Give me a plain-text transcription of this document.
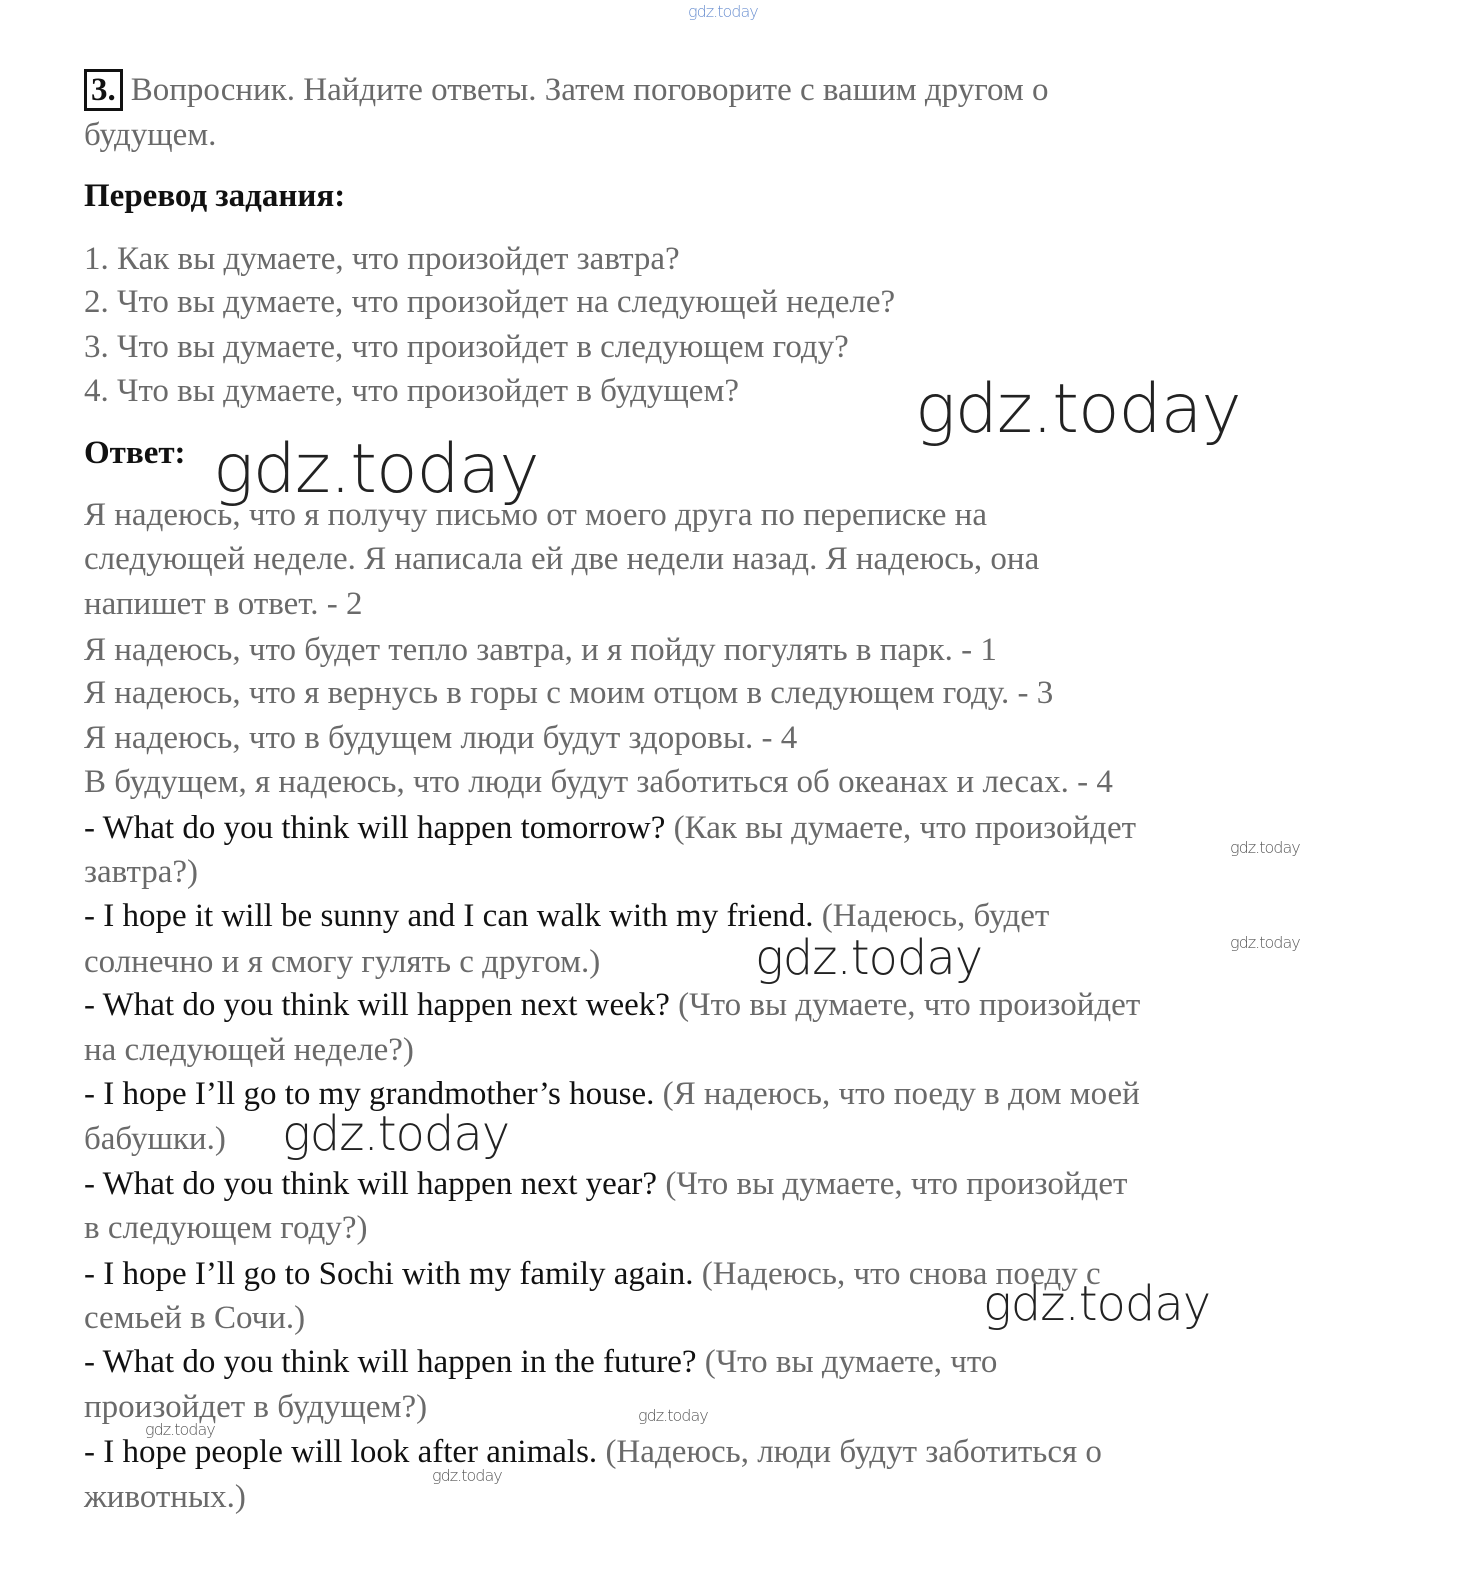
gdz.today
3. Вопросник. Найдите ответы. Затем поговорите с вашим другом о
будущем.
Перевод задания:
1. Как вы думаете, что произойдет завтра?
2. Что вы думаете, что произойдет на следующей неделе?
3. Что вы думаете, что произойдет в следующем году?
4. Что вы думаете, что произойдет в будущем?
Ответ:
Я надеюсь, что я получу письмо от моего друга по переписке на
следующей неделе. Я написала ей две недели назад. Я надеюсь, она
напишет в ответ. - 2
Я надеюсь, что будет тепло завтра, и я пойду погулять в парк. - 1
Я надеюсь, что я вернусь в горы с моим отцом в следующем году. - 3
Я надеюсь, что в будущем люди будут здоровы. - 4
В будущем, я надеюсь, что люди будут заботиться об океанах и лесах. - 4
- What do you think will happen tomorrow? (Как вы думаете, что произойдет
завтра?)
- I hope it will be sunny and I can walk with my friend. (Надеюсь, будет
солнечно и я смогу гулять с другом.)
- What do you think will happen next week? (Что вы думаете, что произойдет
на следующей неделе?)
- I hope I’ll go to my grandmother’s house. (Я надеюсь, что поеду в дом моей
бабушки.)
- What do you think will happen next year? (Что вы думаете, что произойдет
в следующем году?)
- I hope I’ll go to Sochi with my family again. (Надеюсь, что снова поеду с
семьей в Сочи.)
- What do you think will happen in the future? (Что вы думаете, что
произойдет в будущем?)
- I hope people will look after animals. (Надеюсь, люди будут заботиться о
животных.)
gdz.today
gdz.today
gdz.today
gdz.today
gdz.today
gdz.today
gdz.today
gdz.today
gdz.today
gdz.today
